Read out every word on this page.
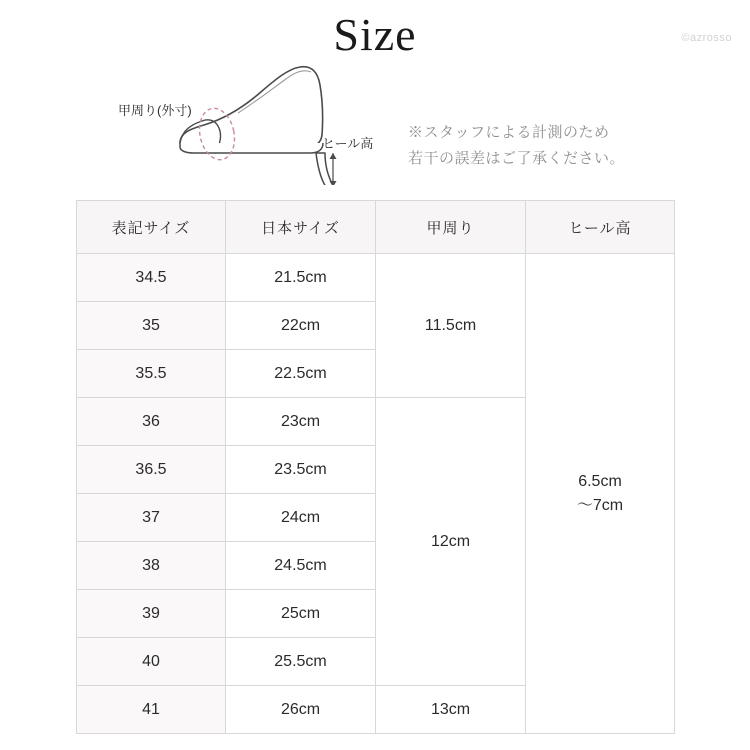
Size	©azrosso
甲周り(外寸)
ヒール高
※スタッフによる計測のため
若干の誤差はご了承ください。
表記サイズ	日本サイズ	甲周り	ヒール高
34.5	21.5cm	11.5cm	6.5cm
〜7cm

35	22cm		
35.5	22.5cm		
36	23cm	12cm	
36.5	23.5cm		
37	24cm		
38	24.5cm		
39	25cm		
40	25.5cm		
41	26cm	13cm	
